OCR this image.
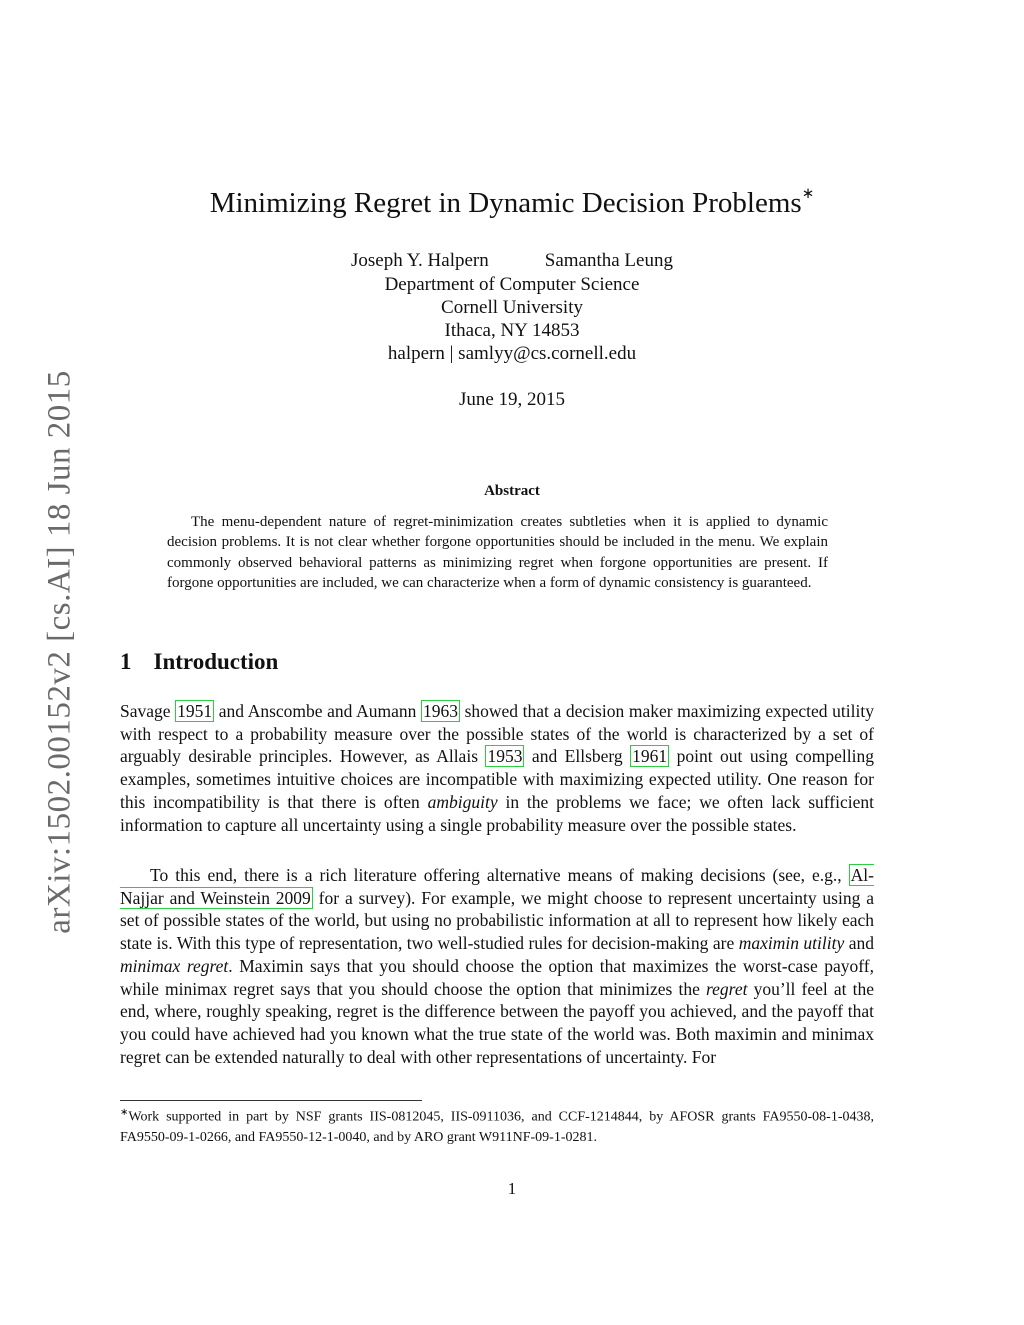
arXiv:1502.00152v2 [cs.AI] 18 Jun 2015
Minimizing Regret in Dynamic Decision Problems∗
Joseph Y. Halpern	Samantha Leung
Department of Computer Science
Cornell University
Ithaca, NY 14853
halpern | samlyy@cs.cornell.edu
June 19, 2015
Abstract

The menu-dependent nature of regret-minimization creates subtleties when it is applied to dynamic decision problems. It is not clear whether forgone opportunities should be included in the menu. We explain commonly observed behavioral patterns as minimizing regret when forgone opportunities are present. If forgone opportunities are included, we can characterize when a form of dynamic consistency is guaranteed.

1 Introduction

Savage 1951 and Anscombe and Aumann 1963 showed that a decision maker maximizing expected utility with respect to a probability measure over the possible states of the world is characterized by a set of arguably desirable principles. However, as Allais 1953 and Ellsberg 1961 point out using compelling examples, sometimes intuitive choices are incompatible with maximizing expected utility. One reason for this incompatibility is that there is often ambiguity in the problems we face; we often lack sufficient information to capture all uncertainty using a single probability measure over the possible states.

To this end, there is a rich literature offering alternative means of making decisions (see, e.g., Al-Najjar and Weinstein 2009 for a survey). For example, we might choose to represent uncertainty using a set of possible states of the world, but using no probabilistic information at all to represent how likely each state is. With this type of representation, two well-studied rules for decision-making are maximin utility and minimax regret. Maximin says that you should choose the option that maximizes the worst-case payoff, while minimax regret says that you should choose the option that minimizes the regret you’ll feel at the end, where, roughly speaking, regret is the difference between the payoff you achieved, and the payoff that you could have achieved had you known what the true state of the world was. Both maximin and minimax regret can be extended naturally to deal with other representations of uncertainty. For

∗Work supported in part by NSF grants IIS-0812045, IIS-0911036, and CCF-1214844, by AFOSR grants FA9550-08-1-0438, FA9550-09-1-0266, and FA9550-12-1-0040, and by ARO grant W911NF-09-1-0281.

1
